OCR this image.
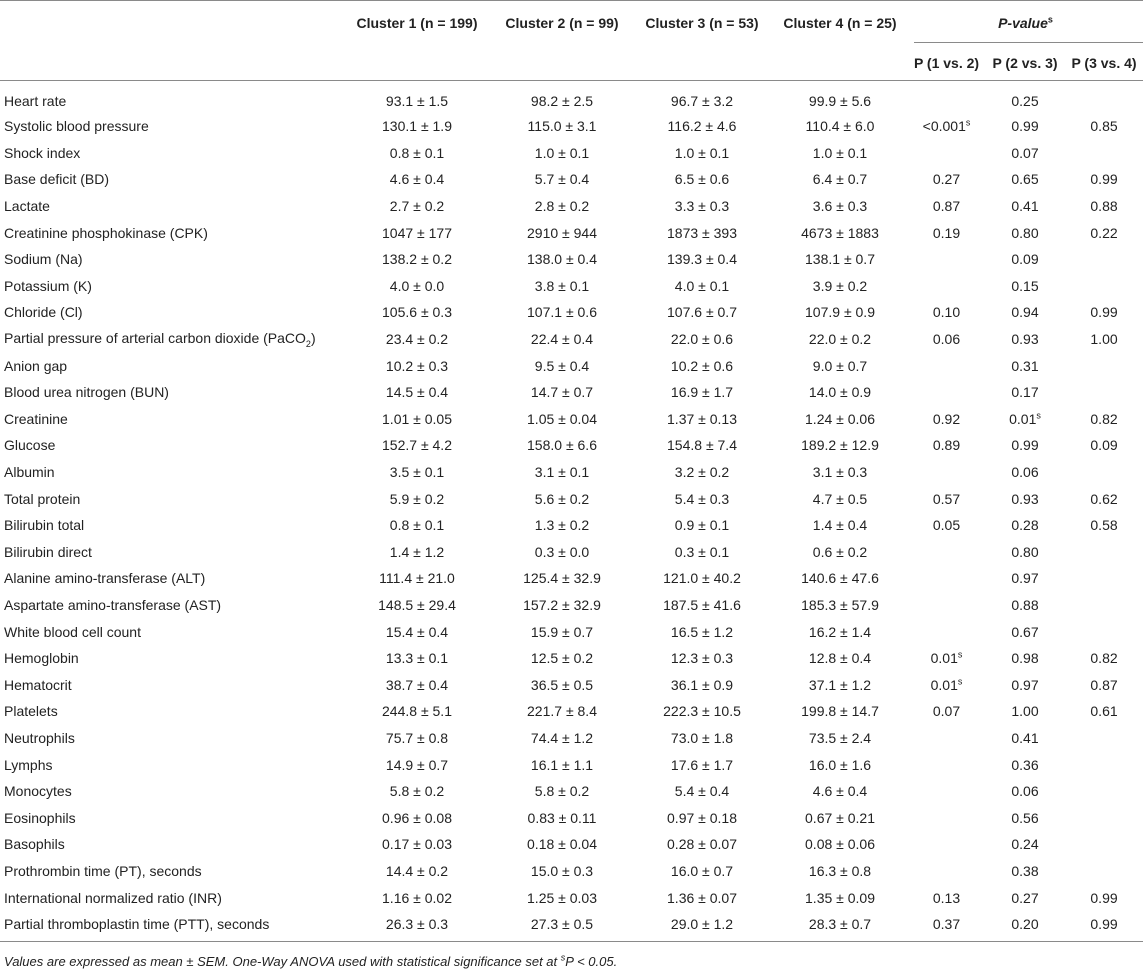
	Cluster 1 (n = 199)	Cluster 2 (n = 99)	Cluster 3 (n = 53)	Cluster 4 (n = 25)	P-value$^s$
					P (1 vs. 2)	P (2 vs. 3)	P (3 vs. 4)
Heart rate	93.1 ± 1.5	98.2 ± 2.5	96.7 ± 3.2	99.9 ± 5.6		0.25	
Systolic blood pressure	130.1 ± 1.9	115.0 ± 3.1	116.2 ± 4.6	110.4 ± 6.0	$<0.001^s$	0.99	0.85
Shock index	0.8 ± 0.1	1.0 ± 0.1	1.0 ± 0.1	1.0 ± 0.1		0.07	
Base deficit (BD)	4.6 ± 0.4	5.7 ± 0.4	6.5 ± 0.6	6.4 ± 0.7	0.27	0.65	0.99
Lactate	2.7 ± 0.2	2.8 ± 0.2	3.3 ± 0.3	3.6 ± 0.3	0.87	0.41	0.88
Creatinine phosphokinase (CPK)	1047 ± 177	2910 ± 944	1873 ± 393	4673 ± 1883	0.19	0.80	0.22
Sodium (Na)	138.2 ± 0.2	138.0 ± 0.4	139.3 ± 0.4	138.1 ± 0.7		0.09	
Potassium (K)	4.0 ± 0.0	3.8 ± 0.1	4.0 ± 0.1	3.9 ± 0.2		0.15	
Chloride (Cl)	105.6 ± 0.3	107.1 ± 0.6	107.6 ± 0.7	107.9 ± 0.9	0.10	0.94	0.99
Partial pressure of arterial carbon dioxide (PaCO$_2$)	23.4 ± 0.2	22.4 ± 0.4	22.0 ± 0.6	22.0 ± 0.2	0.06	0.93	1.00
Anion gap	10.2 ± 0.3	9.5 ± 0.4	10.2 ± 0.6	9.0 ± 0.7		0.31	
Blood urea nitrogen (BUN)	14.5 ± 0.4	14.7 ± 0.7	16.9 ± 1.7	14.0 ± 0.9		0.17	
Creatinine	1.01 ± 0.05	1.05 ± 0.04	1.37 ± 0.13	1.24 ± 0.06	0.92	0.01$^s$	0.82
Glucose	152.7 ± 4.2	158.0 ± 6.6	154.8 ± 7.4	189.2 ± 12.9	0.89	0.99	0.09
Albumin	3.5 ± 0.1	3.1 ± 0.1	3.2 ± 0.2	3.1 ± 0.3		0.06	
Total protein	5.9 ± 0.2	5.6 ± 0.2	5.4 ± 0.3	4.7 ± 0.5	0.57	0.93	0.62
Bilirubin total	0.8 ± 0.1	1.3 ± 0.2	0.9 ± 0.1	1.4 ± 0.4	0.05	0.28	0.58
Bilirubin direct	1.4 ± 1.2	0.3 ± 0.0	0.3 ± 0.1	0.6 ± 0.2		0.80	
Alanine amino-transferase (ALT)	111.4 ± 21.0	125.4 ± 32.9	121.0 ± 40.2	140.6 ± 47.6		0.97	
Aspartate amino-transferase (AST)	148.5 ± 29.4	157.2 ± 32.9	187.5 ± 41.6	185.3 ± 57.9		0.88	
White blood cell count	15.4 ± 0.4	15.9 ± 0.7	16.5 ± 1.2	16.2 ± 1.4		0.67	
Hemoglobin	13.3 ± 0.1	12.5 ± 0.2	12.3 ± 0.3	12.8 ± 0.4	0.01$^s$	0.98	0.82
Hematocrit	38.7 ± 0.4	36.5 ± 0.5	36.1 ± 0.9	37.1 ± 1.2	0.01$^s$	0.97	0.87
Platelets	244.8 ± 5.1	221.7 ± 8.4	222.3 ± 10.5	199.8 ± 14.7	0.07	1.00	0.61
Neutrophils	75.7 ± 0.8	74.4 ± 1.2	73.0 ± 1.8	73.5 ± 2.4		0.41	
Lymphs	14.9 ± 0.7	16.1 ± 1.1	17.6 ± 1.7	16.0 ± 1.6		0.36	
Monocytes	5.8 ± 0.2	5.8 ± 0.2	5.4 ± 0.4	4.6 ± 0.4		0.06	
Eosinophils	0.96 ± 0.08	0.83 ± 0.11	0.97 ± 0.18	0.67 ± 0.21		0.56	
Basophils	0.17 ± 0.03	0.18 ± 0.04	0.28 ± 0.07	0.08 ± 0.06		0.24	
Prothrombin time (PT), seconds	14.4 ± 0.2	15.0 ± 0.3	16.0 ± 0.7	16.3 ± 0.8		0.38	
International normalized ratio (INR)	1.16 ± 0.02	1.25 ± 0.03	1.36 ± 0.07	1.35 ± 0.09	0.13	0.27	0.99
Partial thromboplastin time (PTT), seconds	26.3 ± 0.3	27.3 ± 0.5	29.0 ± 1.2	28.3 ± 0.7	0.37	0.20	0.99
Values are expressed as mean ± SEM. One-Way ANOVA used with statistical significance set at $^s$P < 0.05.
